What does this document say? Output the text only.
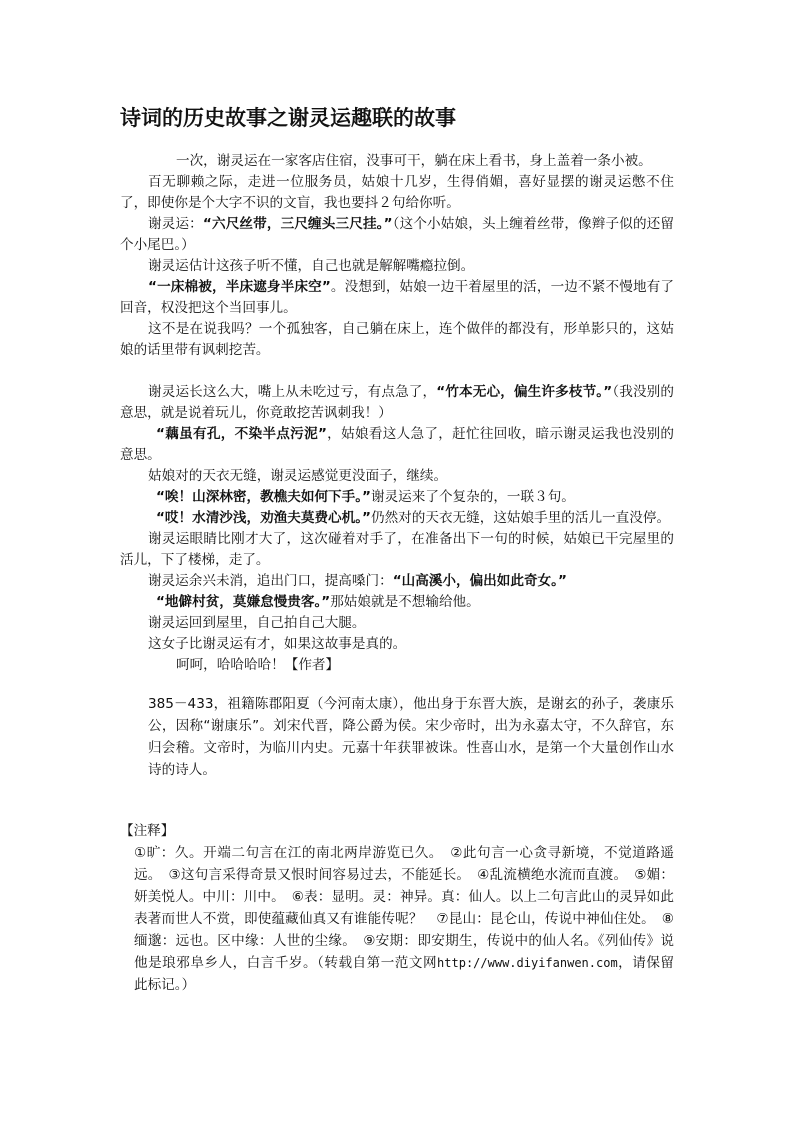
诗词的历史故事之谢灵运趣联的故事

一次，谢灵运在一家客店住宿，没事可干，躺在床上看书，身上盖着一条小被。

百无聊赖之际，走进一位服务员，姑娘十几岁，生得俏媚，喜好显摆的谢灵运憋不住了，即使你是个大字不识的文盲，我也要抖２句给你听。

谢灵运：“六尺丝带，三尺缠头三尺挂。”（这个小姑娘，头上缠着丝带，像辫子似的还留个小尾巴。）

谢灵运估计这孩子听不懂，自己也就是解解嘴瘾拉倒。

“一床棉被，半床遮身半床空”。没想到，姑娘一边干着屋里的活，一边不紧不慢地有了回音，权没把这个当回事儿。

这不是在说我吗？一个孤独客，自己躺在床上，连个做伴的都没有，形单影只的，这姑娘的话里带有讽刺挖苦。

谢灵运长这么大，嘴上从未吃过亏，有点急了，“竹本无心，偏生许多枝节。”（我没别的意思，就是说着玩儿，你竟敢挖苦讽刺我！）

“藕虽有孔，不染半点污泥”，姑娘看这人急了，赶忙往回收，暗示谢灵运我也没别的意思。

姑娘对的天衣无缝，谢灵运感觉更没面子，继续。

“唉！山深林密，教樵夫如何下手。”谢灵运来了个复杂的，一联３句。

“哎！水清沙浅，劝渔夫莫费心机。”仍然对的天衣无缝，这姑娘手里的活儿一直没停。

谢灵运眼睛比刚才大了，这次碰着对手了，在准备出下一句的时候，姑娘已干完屋里的活儿，下了楼梯，走了。

谢灵运余兴未消，追出门口，提高嗓门：“山高溪小，偏出如此奇女。”

“地僻村贫，莫嫌怠慢贵客。”那姑娘就是不想输给他。

谢灵运回到屋里，自己拍自己大腿。

这女子比谢灵运有才，如果这故事是真的。

呵呵，哈哈哈哈！【作者】

385－433，祖籍陈郡阳夏（今河南太康），他出身于东晋大族，是谢玄的孙子，袭康乐公，因称“谢康乐”。刘宋代晋，降公爵为侯。宋少帝时，出为永嘉太守，不久辞官，东归会稽。文帝时，为临川内史。元嘉十年获罪被诛。性喜山水，是第一个大量创作山水诗的诗人。

【注释】

①旷：久。开端二句言在江的南北两岸游览已久。　②此句言一心贪寻新境，不觉道路遥远。　③这句言采得奇景又恨时间容易过去，不能延长。　④乱流横绝水流而直渡。　⑤媚：妍美悦人。中川：川中。　⑥表：显明。灵：神异。真：仙人。以上二句言此山的灵异如此表著而世人不赏，即使蕴藏仙真又有谁能传呢？　⑦昆山：昆仑山，传说中神仙住处。　⑧缅邈：远也。区中缘：人世的尘缘。　⑨安期：即安期生，传说中的仙人名。《列仙传》说他是琅邪阜乡人，白言千岁。（转载自第一范文网http://www.diyifanwen.com，请保留此标记。）
